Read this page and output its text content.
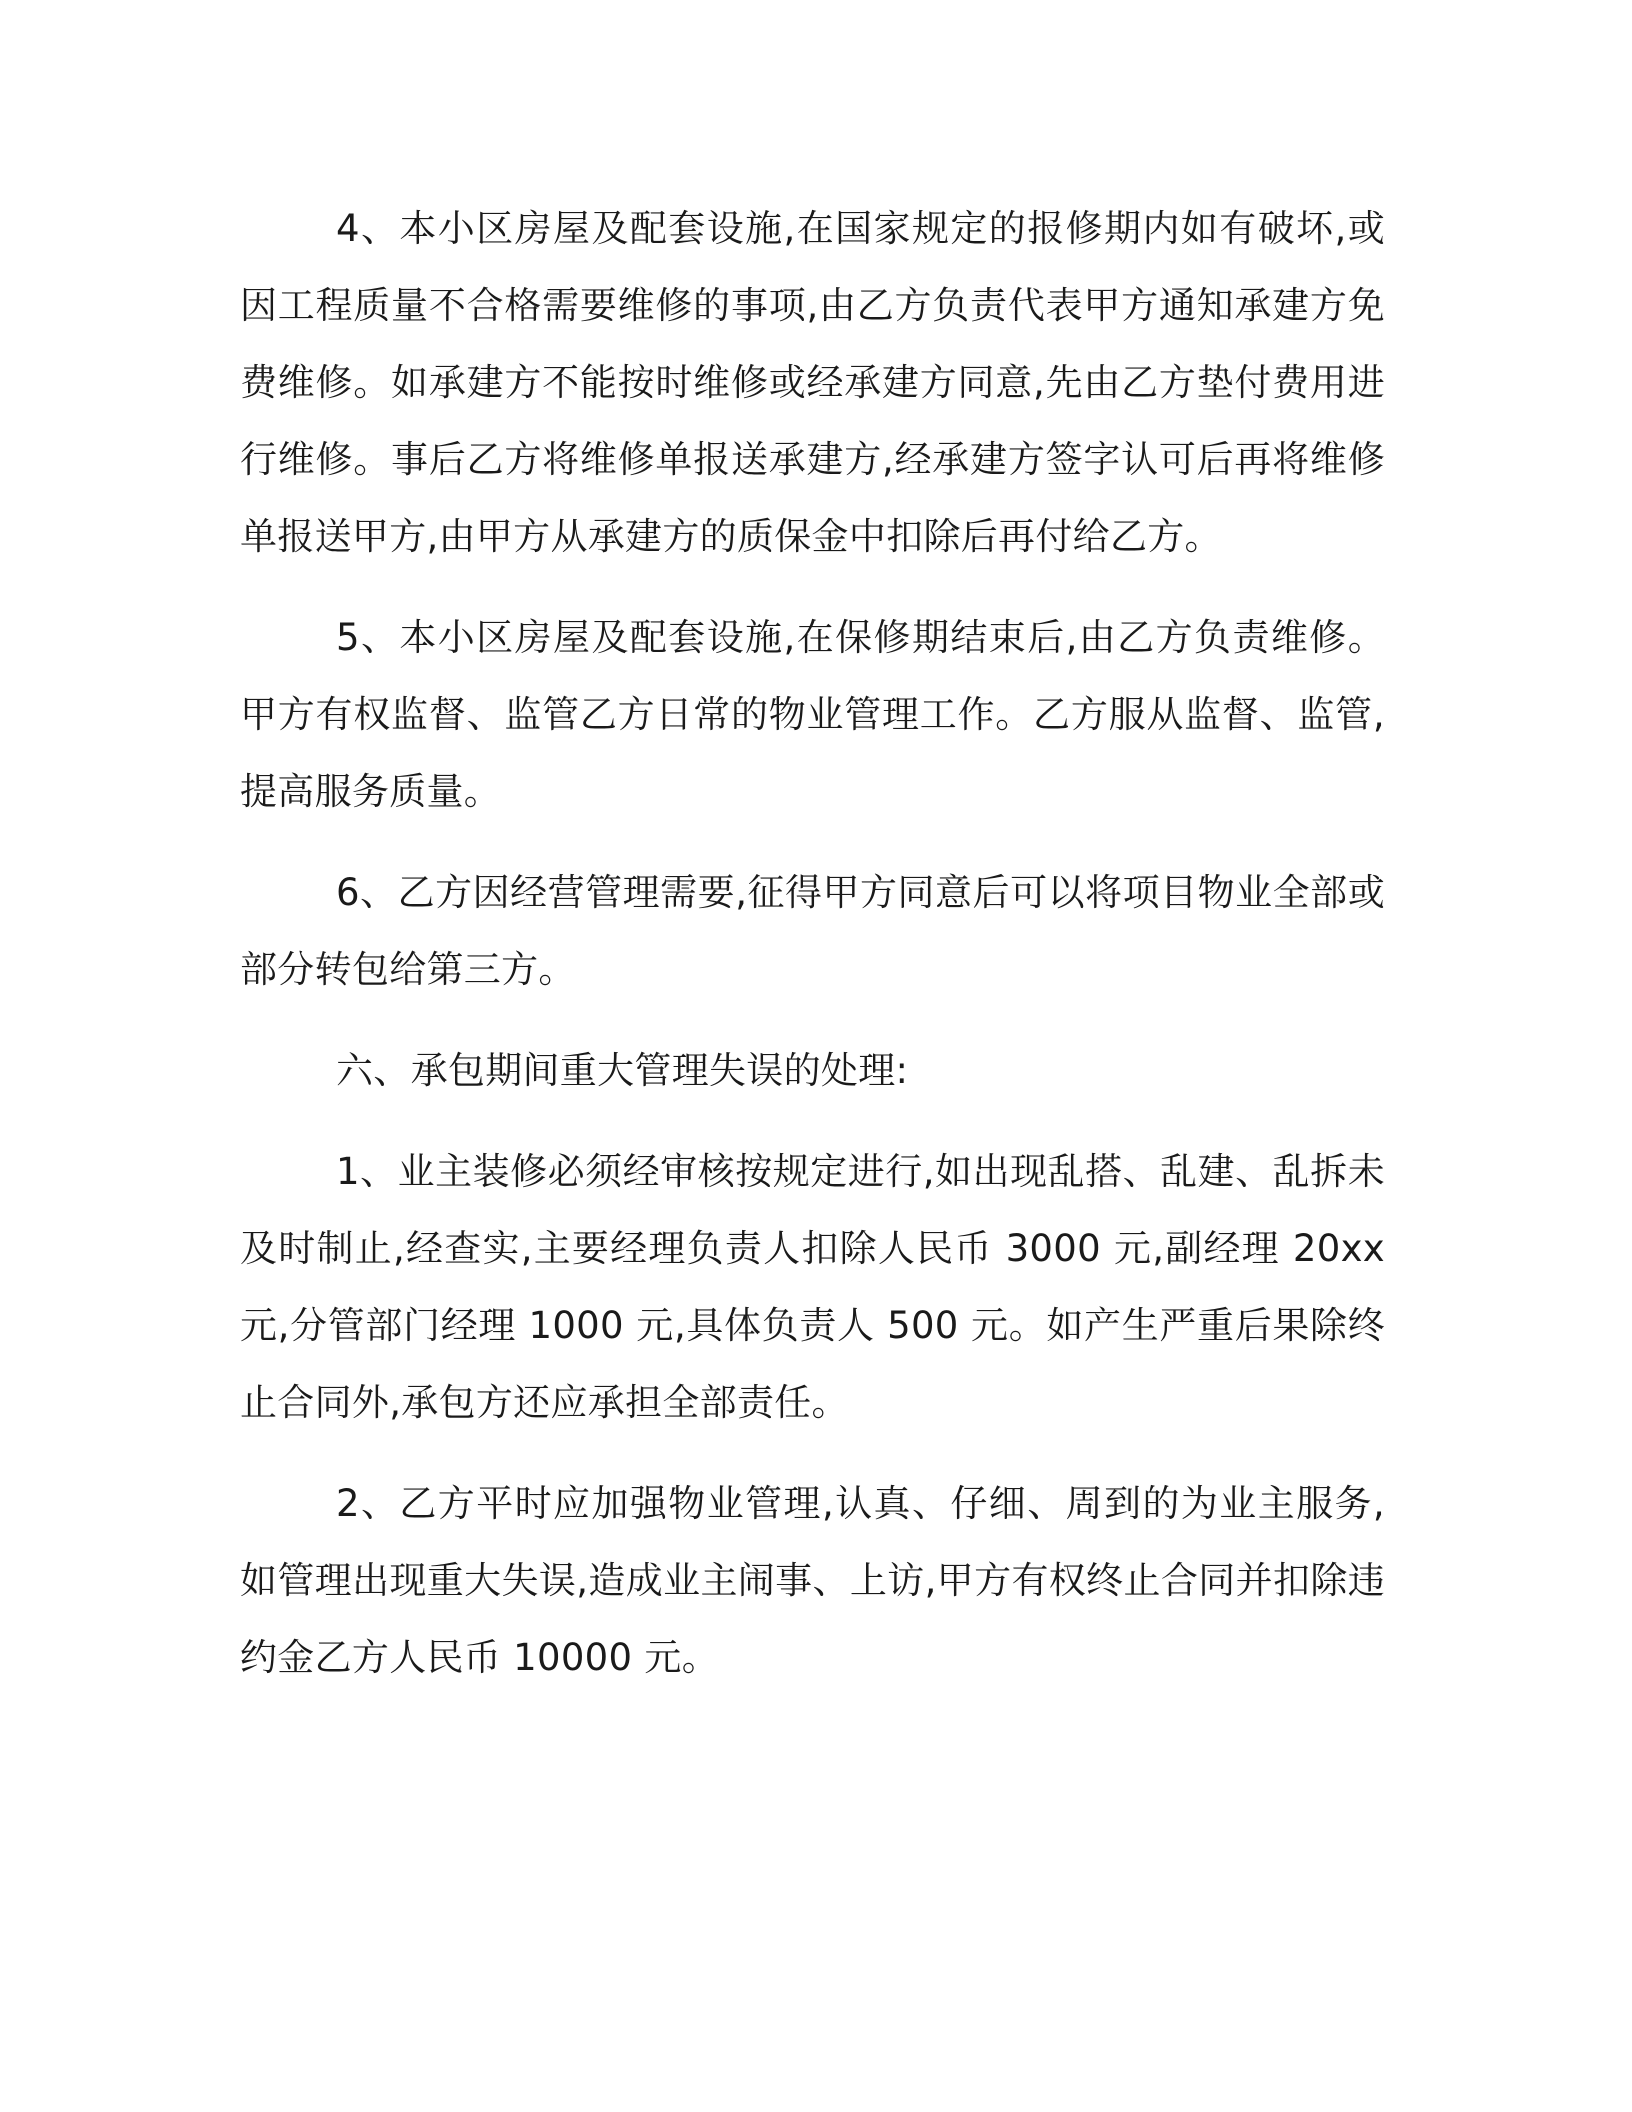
4、本小区房屋及配套设施,在国家规定的报修期内如有破坏,或因工程质量不合格需要维修的事项,由乙方负责代表甲方通知承建方免费维修。如承建方不能按时维修或经承建方同意,先由乙方垫付费用进行维修。事后乙方将维修单报送承建方,经承建方签字认可后再将维修单报送甲方,由甲方从承建方的质保金中扣除后再付给乙方。

5、本小区房屋及配套设施,在保修期结束后,由乙方负责维修。甲方有权监督、监管乙方日常的物业管理工作。乙方服从监督、监管,提高服务质量。

6、乙方因经营管理需要,征得甲方同意后可以将项目物业全部或部分转包给第三方。

六、承包期间重大管理失误的处理:

1、业主装修必须经审核按规定进行,如出现乱搭、乱建、乱拆未及时制止,经查实,主要经理负责人扣除人民币 3000 元,副经理 20xx 元,分管部门经理 1000 元,具体负责人 500 元。如产生严重后果除终止合同外,承包方还应承担全部责任。

2、乙方平时应加强物业管理,认真、仔细、周到的为业主服务,如管理出现重大失误,造成业主闹事、上访,甲方有权终止合同并扣除违约金乙方人民币 10000 元。
